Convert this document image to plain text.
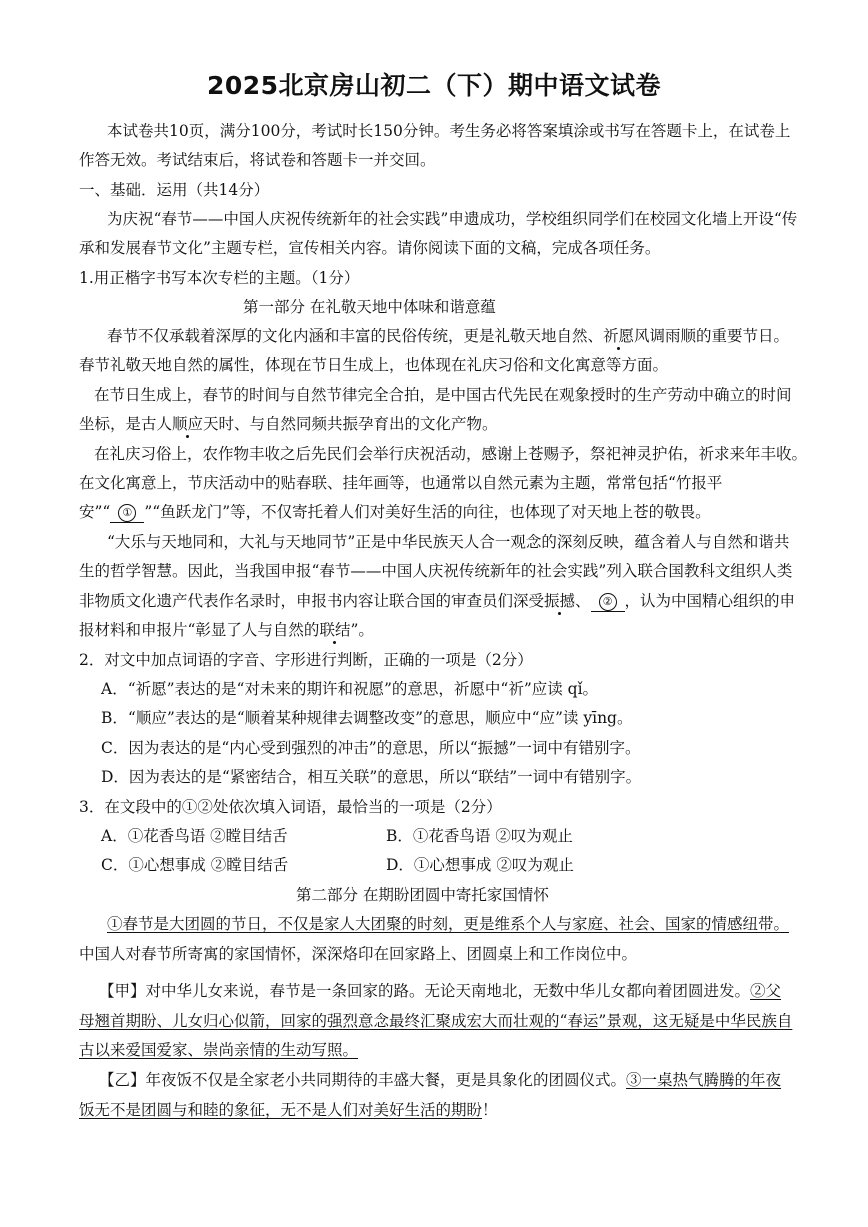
2025北京房山初二（下）期中语文试卷
本试卷共10页，满分100分，考试时长150分钟。考生务必将答案填涂或书写在答题卡上，在试卷上
作答无效。考试结束后，将试卷和答题卡一并交回。
一、基础．运用（共14分）
为庆祝“春节——中国人庆祝传统新年的社会实践”申遗成功，学校组织同学们在校园文化墙上开设“传
承和发展春节文化”主题专栏，宣传相关内容。请你阅读下面的文稿，完成各项任务。
1.用正楷字书写本次专栏的主题。（1分）
第一部分 在礼敬天地中体味和谐意蕴
春节不仅承载着深厚的文化内涵和丰富的民俗传统，更是礼敬天地自然、祈愿风调雨顺的重要节日。
春节礼敬天地自然的属性，体现在节日生成上，也体现在礼庆习俗和文化寓意等方面。
在节日生成上，春节的时间与自然节律完全合拍，是中国古代先民在观象授时的生产劳动中确立的时间
坐标，是古人顺应天时、与自然同频共振孕育出的文化产物。
在礼庆习俗上，农作物丰收之后先民们会举行庆祝活动，感谢上苍赐予，祭祀神灵护佑，祈求来年丰收。
在文化寓意上，节庆活动中的贴春联、挂年画等，也通常以自然元素为主题，常常包括“竹报平
安”“ ① ”“鱼跃龙门”等，不仅寄托着人们对美好生活的向往，也体现了对天地上苍的敬畏。
“大乐与天地同和，大礼与天地同节”正是中华民族天人合一观念的深刻反映，蕴含着人与自然和谐共
生的哲学智慧。因此，当我国申报“春节——中国人庆祝传统新年的社会实践”列入联合国教科文组织人类
非物质文化遗产代表作名录时，申报书内容让联合国的审查员们深受振撼、 ② ，认为中国精心组织的申
报材料和申报片“彰显了人与自然的联结”。
2．对文中加点词语的字音、字形进行判断，正确的一项是（2分）
A．“祈愿”表达的是“对未来的期许和祝愿”的意思，祈愿中“祈”应读 qǐ。
B．“顺应”表达的是“顺着某种规律去调整改变”的意思，顺应中“应”读 yīng。
C．因为表达的是“内心受到强烈的冲击”的意思，所以“振撼”一词中有错别字。
D．因为表达的是“紧密结合，相互关联”的意思，所以“联结”一词中有错别字。
3．在文段中的①②处依次填入词语，最恰当的一项是（2分）
A．①花香鸟语 ②瞠目结舌	B．①花香鸟语 ②叹为观止
C．①心想事成 ②瞠目结舌	D．①心想事成 ②叹为观止
第二部分 在期盼团圆中寄托家国情怀
①春节是大团圆的节日，不仅是家人大团聚的时刻，更是维系个人与家庭、社会、国家的情感纽带。
中国人对春节所寄寓的家国情怀，深深烙印在回家路上、团圆桌上和工作岗位中。
【甲】对中华儿女来说，春节是一条回家的路。无论天南地北，无数中华儿女都向着团圆进发。②父
母翘首期盼、儿女归心似箭，回家的强烈意念最终汇聚成宏大而壮观的“春运”景观，这无疑是中华民族自
古以来爱国爱家、崇尚亲情的生动写照。
【乙】年夜饭不仅是全家老小共同期待的丰盛大餐，更是具象化的团圆仪式。③一桌热气腾腾的年夜
饭无不是团圆与和睦的象征，无不是人们对美好生活的期盼！
